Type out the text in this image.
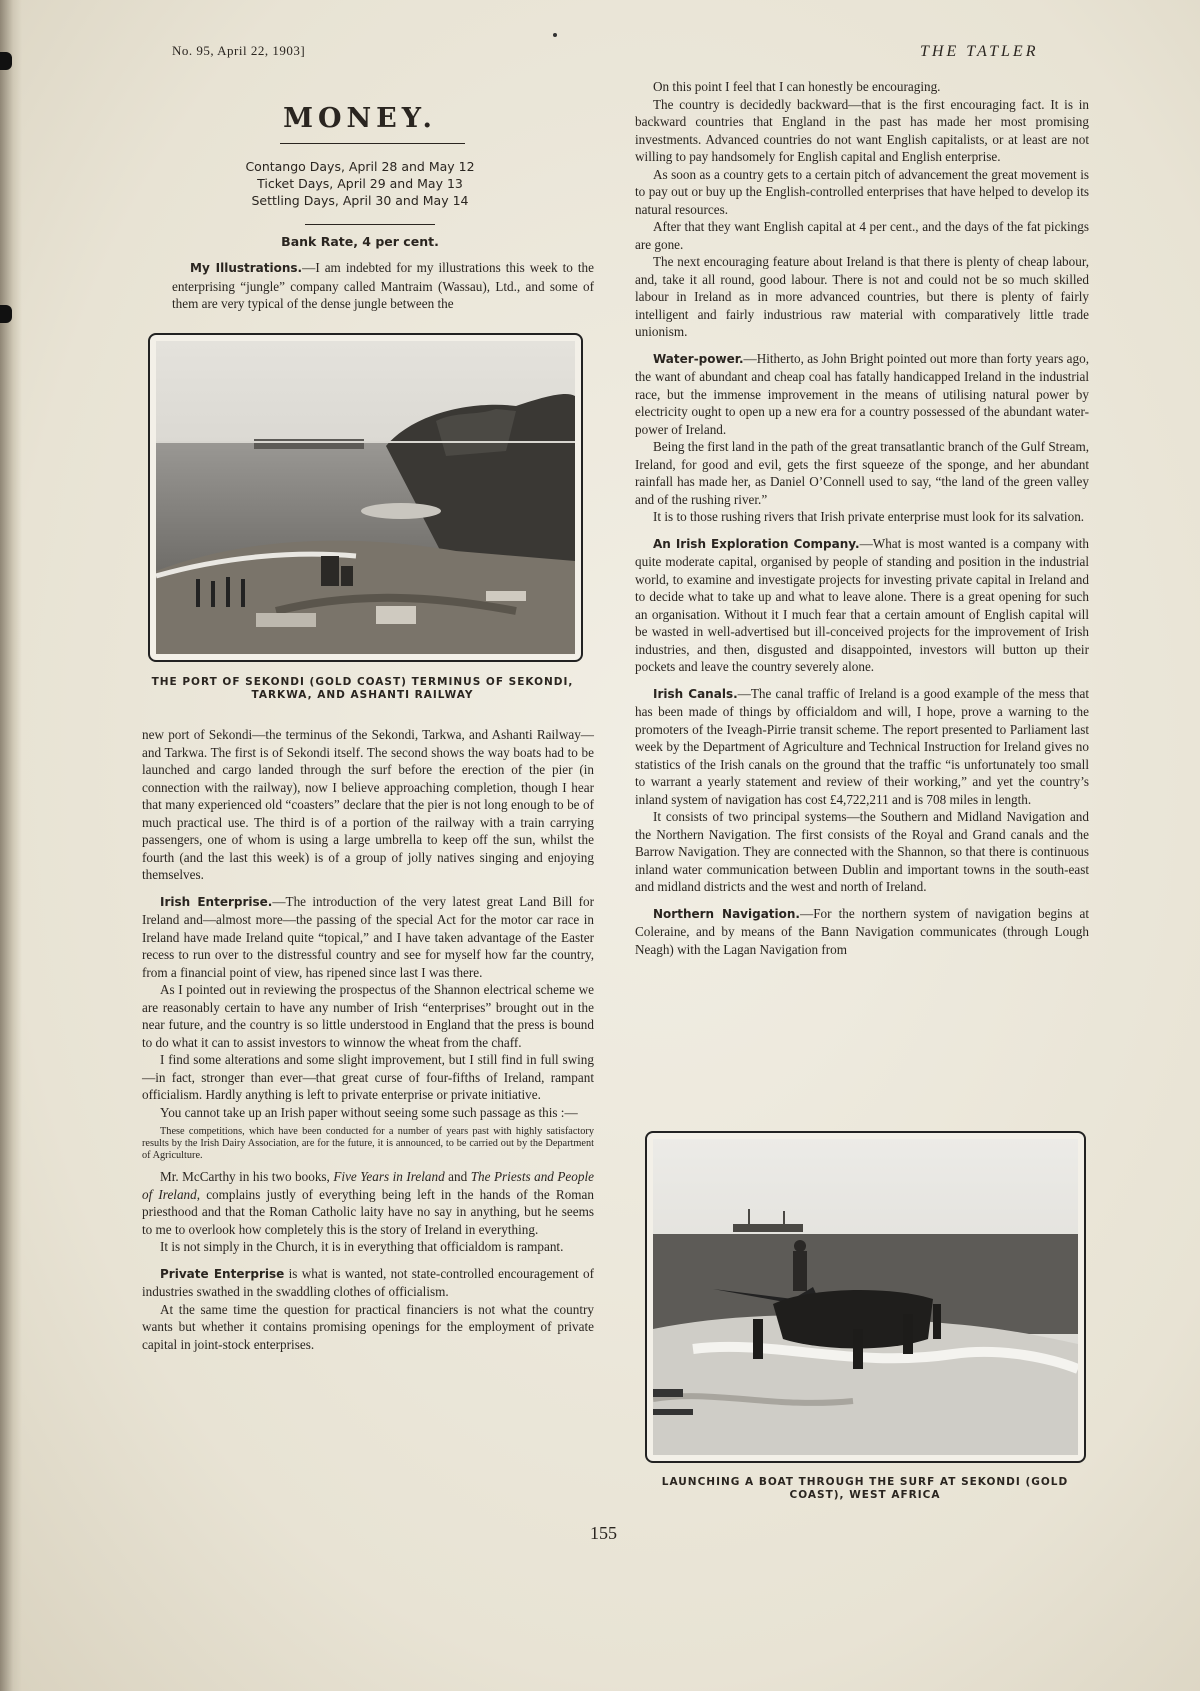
No. 95, April 22, 1903]	THE TATLER
MONEY.
Contango Days, April 28 and May 12
Ticket Days, April 29 and May 13
Settling Days, April 30 and May 14
Bank Rate, 4 per cent.

My Illustrations.—I am indebted for my illustrations this week to the enterprising “jungle” company called Mantraim (Wassau), Ltd., and some of them are very typical of the dense jungle between the

THE PORT OF SEKONDI (GOLD COAST) TERMINUS OF SEKONDI, TARKWA, AND ASHANTI RAILWAY

new port of Sekondi—the terminus of the Sekondi, Tarkwa, and Ashanti Railway—and Tarkwa. The first is of Sekondi itself. The second shows the way boats had to be launched and cargo landed through the surf before the erection of the pier (in connection with the railway), now I believe approaching completion, though I hear that many experienced old “coasters” declare that the pier is not long enough to be of much practical use. The third is of a portion of the railway with a train carrying passengers, one of whom is using a large umbrella to keep off the sun, whilst the fourth (and the last this week) is of a group of jolly natives singing and enjoying themselves.

Irish Enterprise.—The introduction of the very latest great Land Bill for Ireland and—almost more—the passing of the special Act for the motor car race in Ireland have made Ireland quite “topical,” and I have taken advantage of the Easter recess to run over to the distressful country and see for myself how far the country, from a financial point of view, has ripened since last I was there.

As I pointed out in reviewing the prospectus of the Shannon electrical scheme we are reasonably certain to have any number of Irish “enterprises” brought out in the near future, and the country is so little understood in England that the press is bound to do what it can to assist investors to winnow the wheat from the chaff.

I find some alterations and some slight improvement, but I still find in full swing—in fact, stronger than ever—that great curse of four-fifths of Ireland, rampant officialism. Hardly anything is left to private enterprise or private initiative.

You cannot take up an Irish paper without seeing some such passage as this :—

These competitions, which have been conducted for a number of years past with highly satisfactory results by the Irish Dairy Association, are for the future, it is announced, to be carried out by the Department of Agriculture.

Mr. McCarthy in his two books, Five Years in Ireland and The Priests and People of Ireland, complains justly of everything being left in the hands of the Roman priesthood and that the Roman Catholic laity have no say in anything, but he seems to me to overlook how completely this is the story of Ireland in everything.

It is not simply in the Church, it is in everything that officialdom is rampant.

Private Enterprise is what is wanted, not state-controlled encouragement of industries swathed in the swaddling clothes of officialism.

At the same time the question for practical financiers is not what the country wants but whether it contains promising openings for the employment of private capital in joint-stock enterprises.

On this point I feel that I can honestly be encouraging.

The country is decidedly backward—that is the first encouraging fact. It is in backward countries that England in the past has made her most promising investments. Advanced countries do not want English capitalists, or at least are not willing to pay handsomely for English capital and English enterprise.

As soon as a country gets to a certain pitch of advancement the great movement is to pay out or buy up the English-controlled enterprises that have helped to develop its natural resources.

After that they want English capital at 4 per cent., and the days of the fat pickings are gone.

The next encouraging feature about Ireland is that there is plenty of cheap labour, and, take it all round, good labour. There is not and could not be so much skilled labour in Ireland as in more advanced countries, but there is plenty of fairly intelligent and fairly industrious raw material with comparatively little trade unionism.

Water-power.—Hitherto, as John Bright pointed out more than forty years ago, the want of abundant and cheap coal has fatally handicapped Ireland in the industrial race, but the immense improvement in the means of utilising natural power by electricity ought to open up a new era for a country possessed of the abundant water-power of Ireland.

Being the first land in the path of the great transatlantic branch of the Gulf Stream, Ireland, for good and evil, gets the first squeeze of the sponge, and her abundant rainfall has made her, as Daniel O’Connell used to say, “the land of the green valley and of the rushing river.”

It is to those rushing rivers that Irish private enterprise must look for its salvation.

An Irish Exploration Company.—What is most wanted is a company with quite moderate capital, organised by people of standing and position in the industrial world, to examine and investigate projects for investing private capital in Ireland and to decide what to take up and what to leave alone. There is a great opening for such an organisation. Without it I much fear that a certain amount of English capital will be wasted in well-advertised but ill-conceived projects for the improvement of Irish industries, and then, disgusted and disappointed, investors will button up their pockets and leave the country severely alone.

Irish Canals.—The canal traffic of Ireland is a good example of the mess that has been made of things by officialdom and will, I hope, prove a warning to the promoters of the Iveagh-Pirrie transit scheme. The report presented to Parliament last week by the Department of Agriculture and Technical Instruction for Ireland gives no statistics of the Irish canals on the ground that the traffic “is unfortunately too small to warrant a yearly statement and review of their working,” and yet the country’s inland system of navigation has cost £4,722,211 and is 708 miles in length.

It consists of two principal systems—the Southern and Midland Navigation and the Northern Navigation. The first consists of the Royal and Grand canals and the Barrow Navigation. They are connected with the Shannon, so that there is continuous inland water communication between Dublin and important towns in the south-east and midland districts and the west and north of Ireland.

Northern Navigation.—For the northern system of navigation begins at Coleraine, and by means of the Bann Navigation communicates (through Lough Neagh) with the Lagan Navigation from

LAUNCHING A BOAT THROUGH THE SURF AT SEKONDI (GOLD COAST), WEST AFRICA
155
